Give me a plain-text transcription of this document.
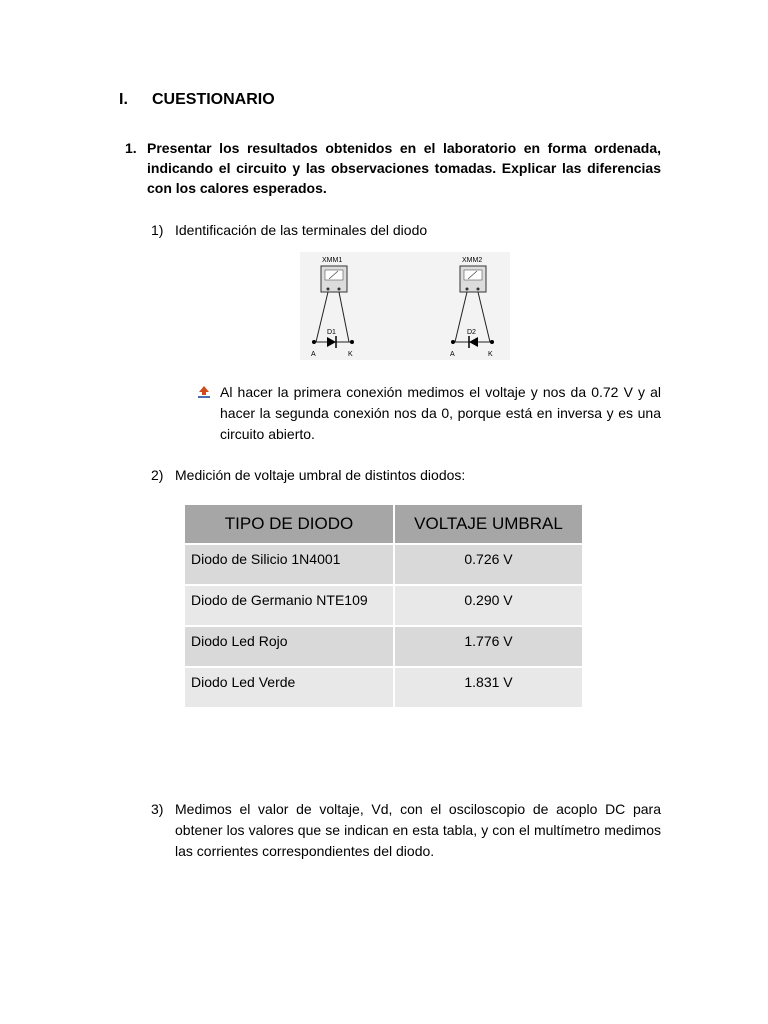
I. CUESTIONARIO
1. Presentar los resultados obtenidos en el laboratorio en forma ordenada, indicando el circuito y las observaciones tomadas. Explicar las diferencias con los calores esperados.
1) Identificación de las terminales del diodo
XMM1
D1
A	K
XMM2
D2
A	K
Al hacer la primera conexión medimos el voltaje y nos da 0.72 V y al hacer la segunda conexión nos da 0, porque está en inversa y es una circuito abierto.
2) Medición de voltaje umbral de distintos diodos:
TIPO DE DIODO	VOLTAJE UMBRAL
Diodo de Silicio 1N4001	0.726 V
Diodo de Germanio NTE109	0.290 V
Diodo Led Rojo	1.776 V
Diodo Led Verde	1.831 V
3) Medimos el valor de voltaje, Vd, con el osciloscopio de acoplo DC para obtener los valores que se indican en esta tabla, y con el multímetro medimos las corrientes correspondientes del diodo.
